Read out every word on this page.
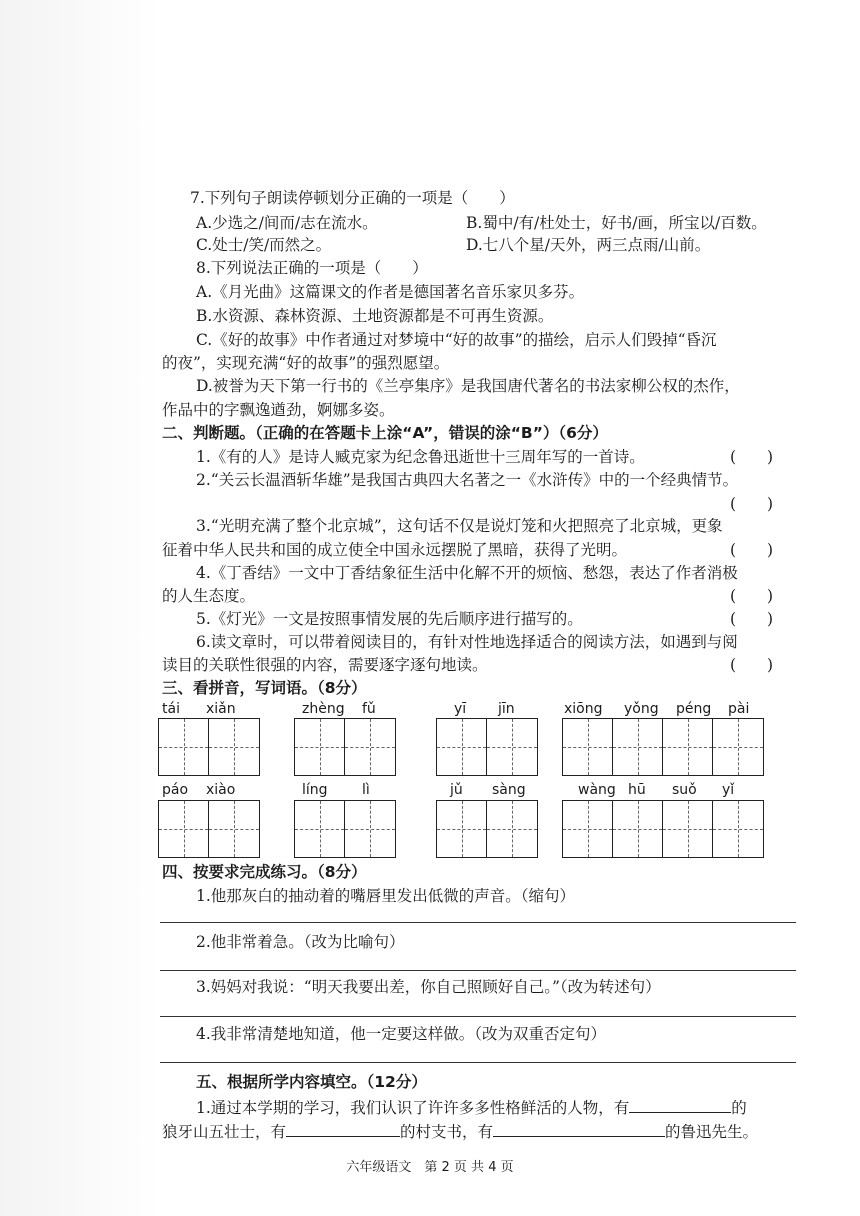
7.下列句子朗读停顿划分正确的一项是（　　）
A.少选之/间而/志在流水。	B.蜀中/有/杜处士，好书/画，所宝以/百数。
C.处士/笑/而然之。	D.七八个星/天外，两三点雨/山前。
8.下列说法正确的一项是（　　）
A.《月光曲》这篇课文的作者是德国著名音乐家贝多芬。
B.水资源、森林资源、土地资源都是不可再生资源。
C.《好的故事》中作者通过对梦境中“好的故事”的描绘，启示人们毁掉“昏沉
的夜”，实现充满“好的故事”的强烈愿望。
D.被誉为天下第一行书的《兰亭集序》是我国唐代著名的书法家柳公权的杰作，
作品中的字飘逸遒劲，婀娜多姿。
二、判断题。（正确的在答题卡上涂“A”，错误的涂“B”）（6分）
1.《有的人》是诗人臧克家为纪念鲁迅逝世十三周年写的一首诗。	(　　)
2.“关云长温酒斩华雄”是我国古典四大名著之一《水浒传》中的一个经典情节。
(　　)
3.“光明充满了整个北京城”，这句话不仅是说灯笼和火把照亮了北京城，更象
征着中华人民共和国的成立使全中国永远摆脱了黑暗，获得了光明。	(　　)
4.《丁香结》一文中丁香结象征生活中化解不开的烦恼、愁怨，表达了作者消极
的人生态度。	(　　)
5.《灯光》一文是按照事情发展的先后顺序进行描写的。	(　　)
6.读文章时，可以带着阅读目的，有针对性地选择适合的阅读方法，如遇到与阅
读目的关联性很强的内容，需要逐字逐句地读。	(　　)
三、看拼音，写词语。（8分）
tái xiǎn	zhèng fǔ	yī jīn	xiōng yǒng péng pài
páo xiào	líng lì	jǔ sàng	wàng hū suǒ yǐ
四、按要求完成练习。（8分）
1.他那灰白的抽动着的嘴唇里发出低微的声音。（缩句）
2.他非常着急。（改为比喻句）
3.妈妈对我说：“明天我要出差，你自己照顾好自己。”（改为转述句）
4.我非常清楚地知道，他一定要这样做。（改为双重否定句）
五、根据所学内容填空。（12分）
1.通过本学期的学习，我们认识了许许多多性格鲜活的人物，有	的
狼牙山五壮士，有	的村支书，有	的鲁迅先生。
六年级语文　第 2 页 共 4 页
